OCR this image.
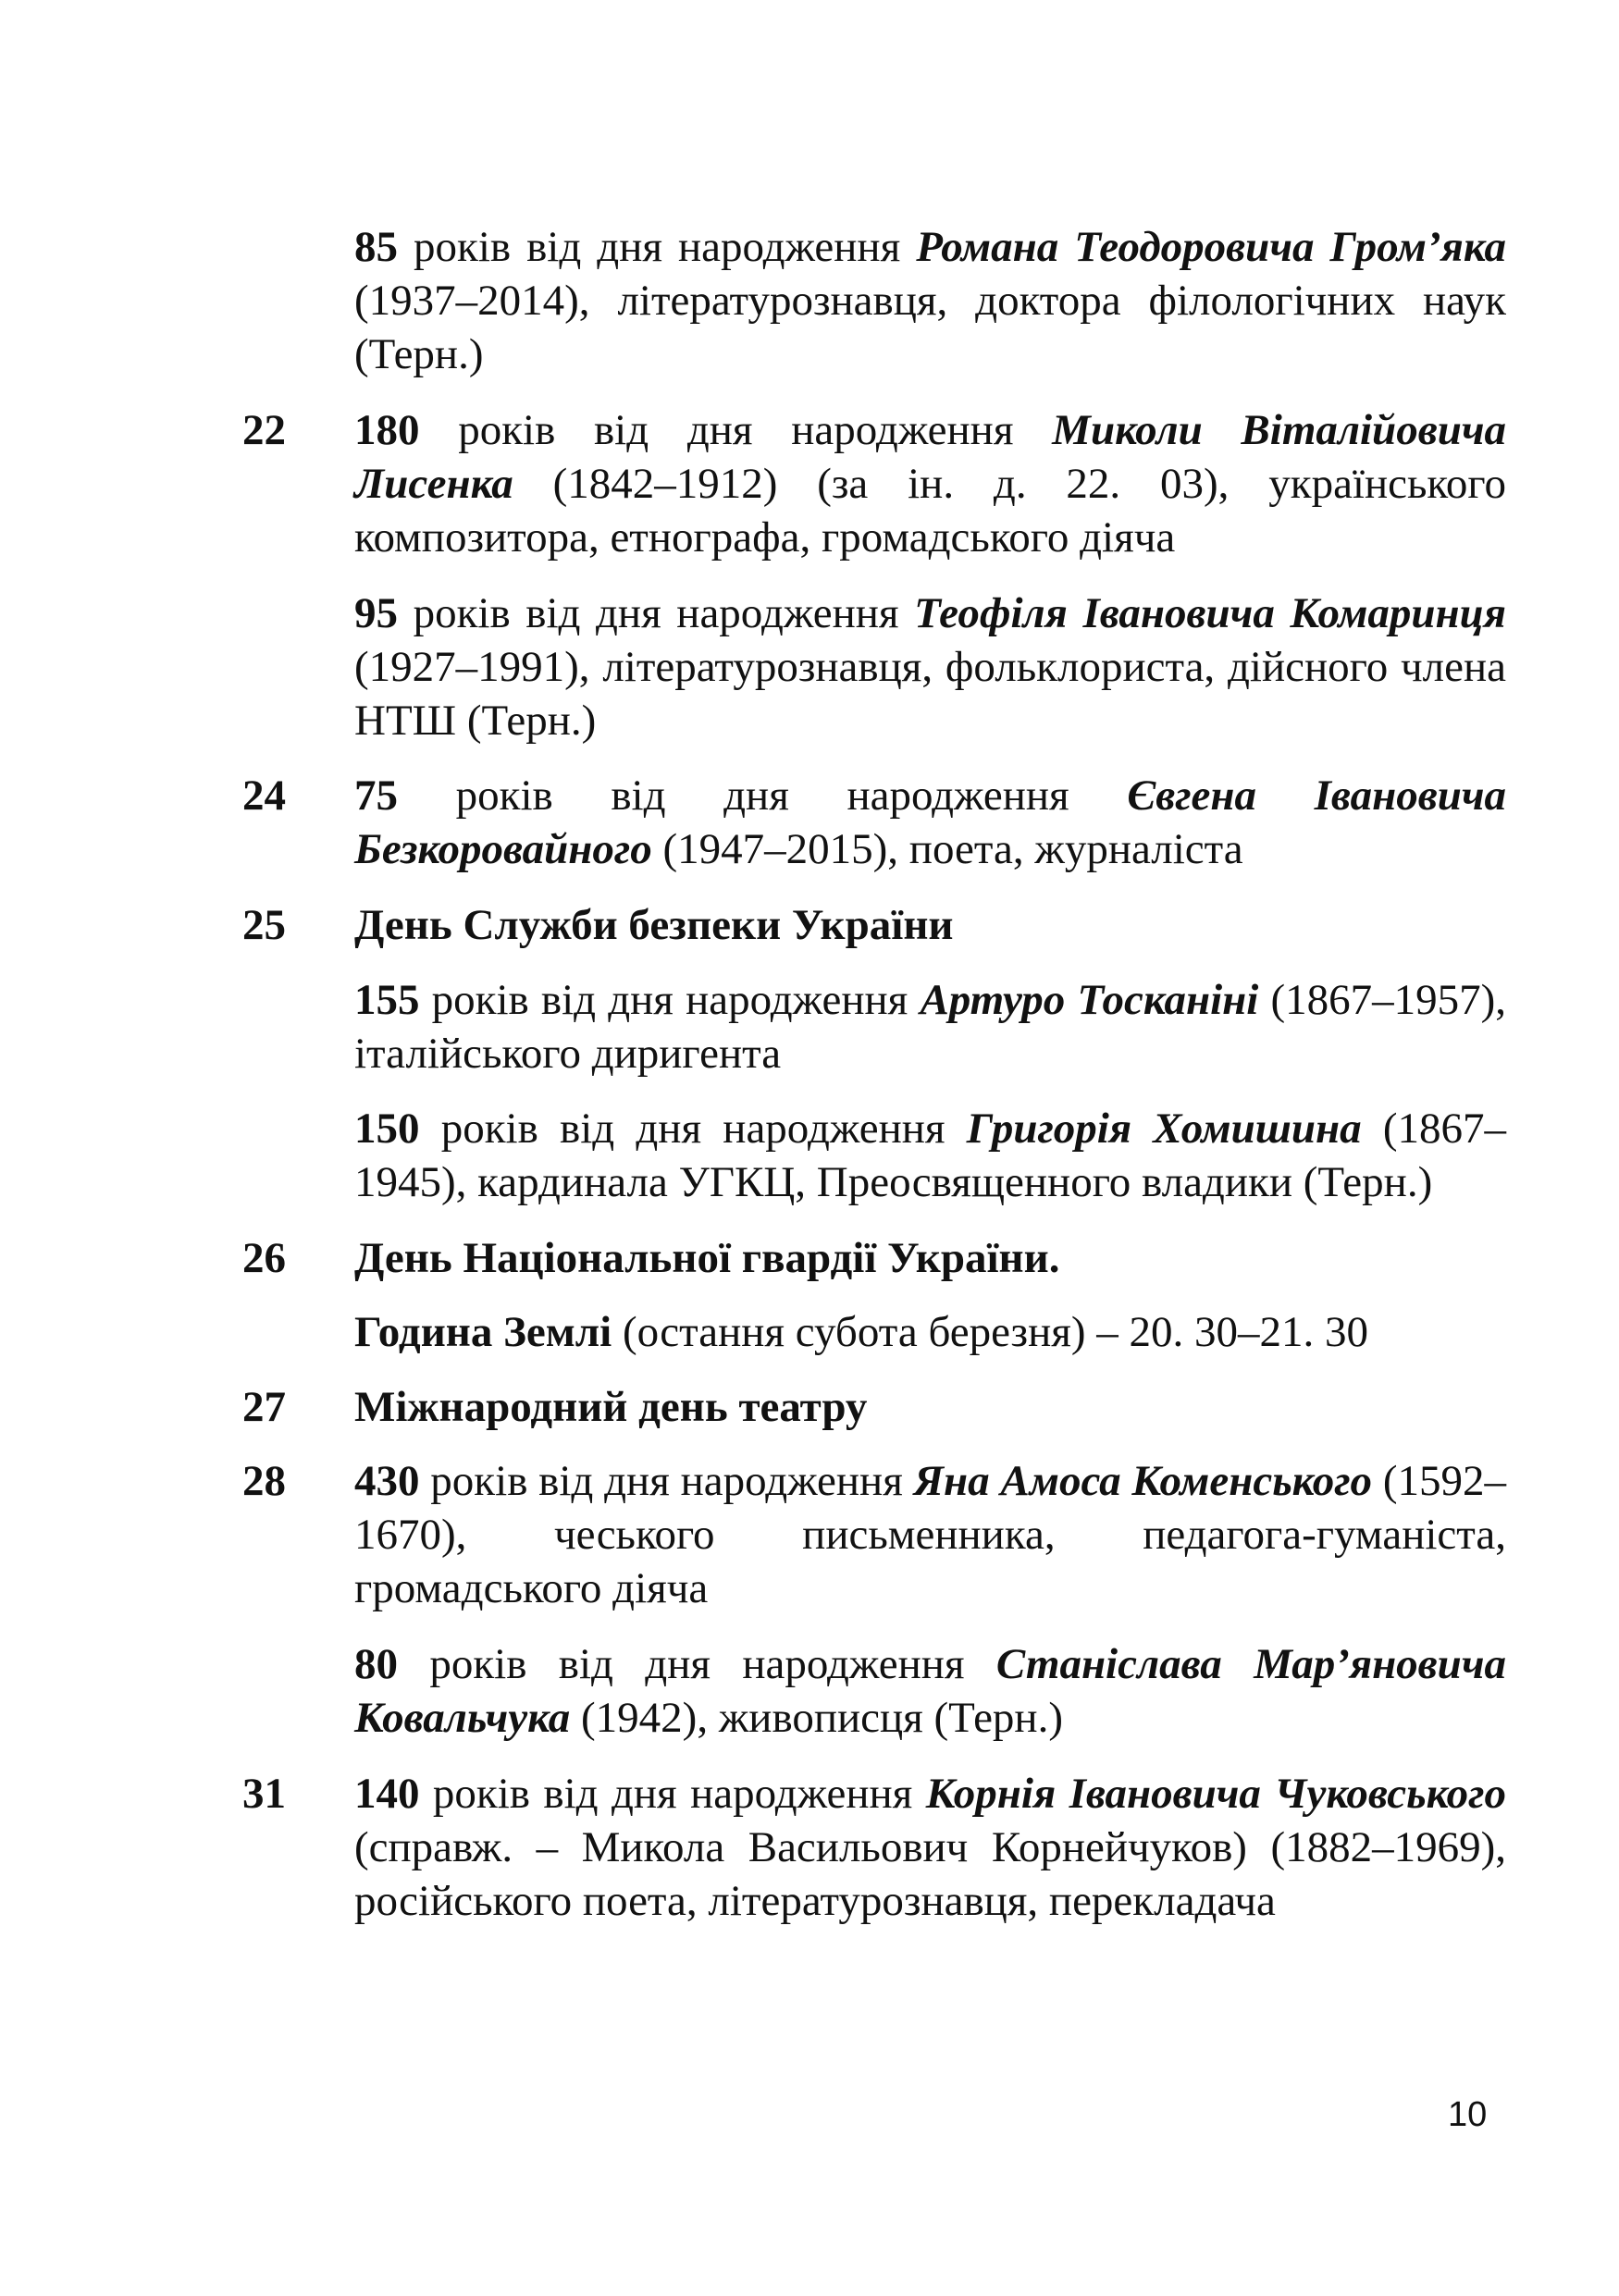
85 років від дня народження Романа Теодоровича Гром’яка (1937–2014), літературознавця, доктора філологічних наук (Терн.)
22 180 років від дня народження Миколи Віталійовича Лисенка (1842–1912) (за ін. д. 22. 03), українського композитора, етнографа, громадського діяча
95 років від дня народження Теофіля Івановича Комаринця (1927–1991), літературознавця, фольклориста, дійсного члена НТШ (Терн.)
24 75 років від дня народження Євгена Івановича Безкоровайного (1947–2015), поета, журналіста
25 День Служби безпеки України
155 років від дня народження Артуро Тосканіні (1867–1957), італійського диригента
150 років від дня народження Григорія Хомишина (1867–1945), кардинала УГКЦ, Преосвященного владики (Терн.)
26 День Національної гвардії України.
Година Землі (остання субота березня) – 20. 30–21. 30
27 Міжнародний день театру
28 430 років від дня народження Яна Амоса Коменського (1592–1670), чеського письменника, педагога-гуманіста, громадського діяча
80 років від дня народження Станіслава Мар’яновича Ковальчука (1942), живописця (Терн.)
31 140 років від дня народження Корнія Івановича Чуковського (справж. – Микола Васильович Корнейчуков) (1882–1969), російського поета, літературознавця, перекладача
10
